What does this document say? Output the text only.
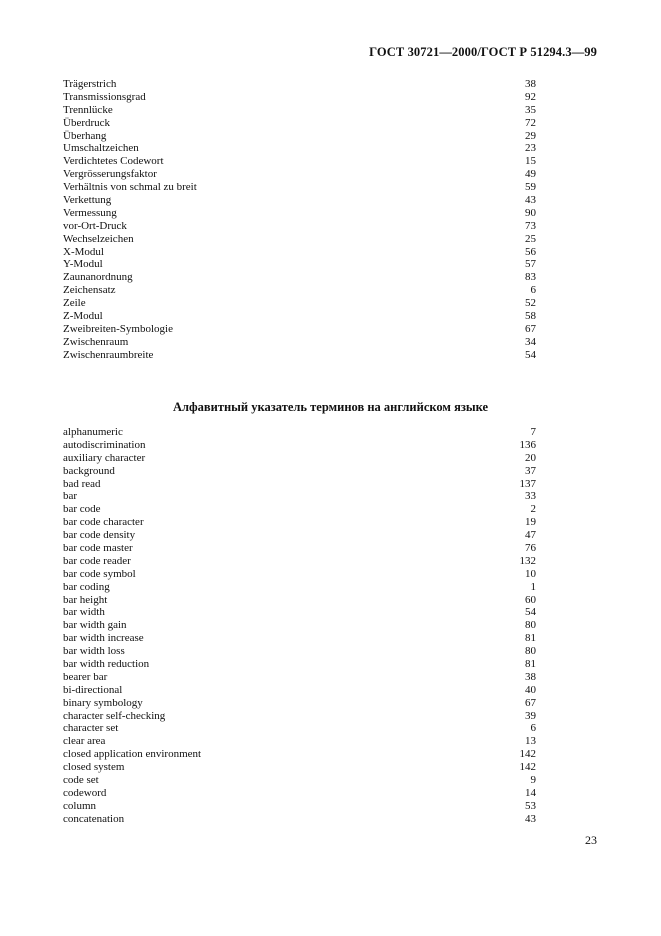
ГОСТ 30721—2000/ГОСТ Р 51294.3—99
Trägerstrich	38
Transmissionsgrad	92
Trennlücke	35
Überdruck	72
Überhang	29
Umschaltzeichen	23
Verdichtetes Codewort	15
Vergrösserungsfaktor	49
Verhältnis von schmal zu breit	59
Verkettung	43
Vermessung	90
vor-Ort-Druck	73
Wechselzeichen	25
X-Modul	56
Y-Modul	57
Zaunanordnung	83
Zeichensatz	6
Zeile	52
Z-Modul	58
Zweibreiten-Symbologie	67
Zwischenraum	34
Zwischenraumbreite	54
Алфавитный указатель терминов на английском языке
alphanumeric	7
autodiscrimination	136
auxiliary character	20
background	37
bad read	137
bar	33
bar code	2
bar code character	19
bar code density	47
bar code master	76
bar code reader	132
bar code symbol	10
bar coding	1
bar height	60
bar width	54
bar width gain	80
bar width increase	81
bar width loss	80
bar width reduction	81
bearer bar	38
bi-directional	40
binary symbology	67
character self-checking	39
character set	6
clear area	13
closed application environment	142
closed system	142
code set	9
codeword	14
column	53
concatenation	43
23
